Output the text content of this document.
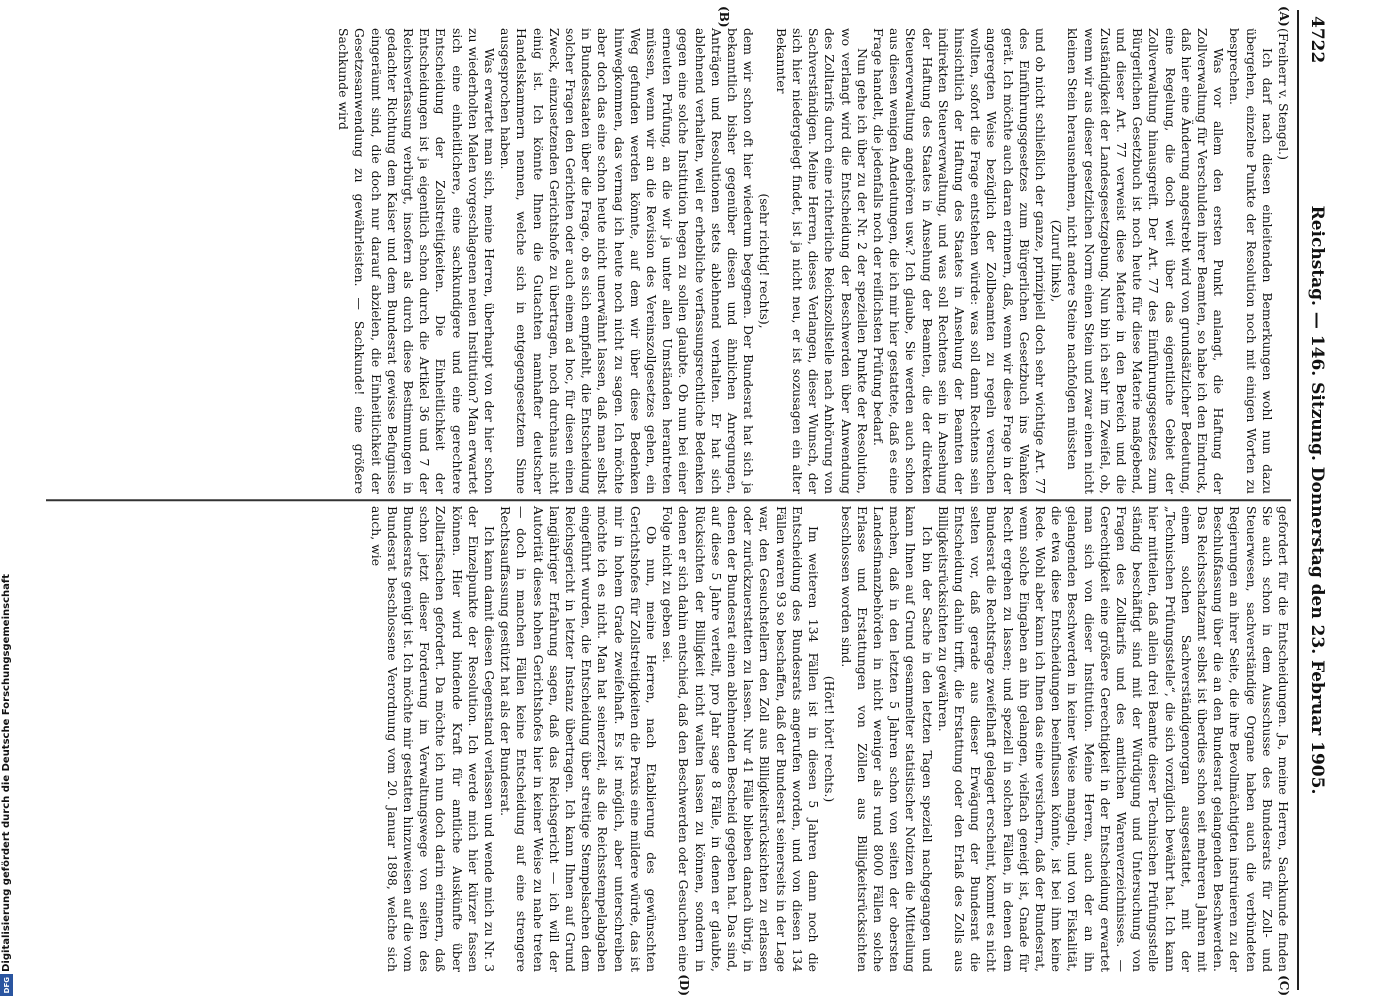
4722
Reichstag. — 146. Sitzung. Donnerstag den 23. Februar 1905.
(A)
(B)
(C)
(D)

(Freiherr v. Stengel.)

Ich darf nach diesen einleitenden Bemerkungen wohl nun dazu übergehen, einzelne Punkte der Resolution noch mit einigen Worten zu besprechen.

Was vor allem den ersten Punkt anlangt, die Haftung der Zollverwaltung für Verschulden ihrer Beamten, so habe ich den Eindruck, daß hier eine Änderung angestrebt wird von grundsätzlicher Bedeutung, eine Regelung, die doch weit über das eigentliche Gebiet der Zollverwaltung hinausgreift. Der Art. 77 des Einführungsgesetzes zum Bürgerlichen Gesetzbuch ist noch heute für diese Materie maßgebend, und dieser Art. 77 verweist diese Materie in den Bereich und die Zuständigkeit der Landesgesetzgebung. Nun bin ich sehr im Zweifel, ob, wenn wir aus dieser gesetzlichen Norm einen Stein und zwar einen nicht kleinen Stein herausnehmen, nicht andere Steine nachfolgen müssten

(Zuruf links),

und ob nicht schließlich der ganze, prinzipiell doch sehr wichtige Art. 77 des Einführungsgesetzes zum Bürgerlichen Gesetzbuch ins Wanken gerät. Ich möchte auch daran erinnern, daß, wenn wir diese Frage in der angeregten Weise bezüglich der Zollbeamten zu regeln versuchen wollten, sofort die Frage entstehen würde: was soll dann Rechtens sein hinsichtlich der Haftung des Staates in Ansehung der Beamten der indirekten Steuerverwaltung, und was soll Rechtens sein in Ansehung der Haftung des Staates in Ansehung der Beamten, die der direkten Steuerverwaltung angehören usw.? Ich glaube, Sie werden auch schon aus diesen wenigen Andeutungen, die ich mir hier gestattete, daß es eine Frage handelt, die jedenfalls noch der reiflichsten Prüfung bedarf.

Nun gehe ich über zu der Nr. 2 der speziellen Punkte der Resolution, wo verlangt wird die Entscheidung der Beschwerden über Anwendung des Zolltarifs durch eine richterliche Reichszollstelle nach Anhörung von Sachverständigen. Meine Herren, dieses Verlangen, dieser Wunsch, der sich hier niedergelegt findet, ist ja nicht neu, er ist sozusagen ein alter Bekannter

(sehr richtig! rechts),

dem wir schon oft hier wiederum begegnen. Der Bundesrat hat sich ja bekanntlich bisher gegenüber diesen und ähnlichen Anregungen, Anträgen und Resolutionen stets ablehnend verhalten. Er hat sich ablehnend verhalten, weil er erhebliche verfassungsrechtliche Bedenken gegen eine solche Institution hegen zu sollen glaubte. Ob nun bei einer erneuten Prüfung, an die wir ja unter allen Umständen herantreten müssen, wenn wir an die Revision des Vereinszollgesetzes gehen, ein Weg gefunden werden könnte, auf dem wir über diese Bedenken hinwegkommen, das vermag ich heute noch nicht zu sagen. Ich möchte aber doch das eine schon heute nicht unerwähnt lassen, daß man selbst in Bundesstaaten über die Frage, ob es sich empfiehlt, die Entscheidung solcher Fragen den Gerichten oder auch einem ad hoc, für diesen einen Zweck, einzusetzenden Gerichtshofe zu übertragen, noch durchaus nicht einig ist. Ich könnte Ihnen die Gutachten namhafter deutscher Handelskammern nennen, welche sich in entgegengesetztem Sinne ausgesprochen haben.

Was erwartet man sich, meine Herren, überhaupt von der hier schon zu wiederholten Malen vorgeschlagenen neuen Institution? Man erwartet sich eine einheitlichere, eine sachkundigere und eine gerechtere Entscheidung der Zollstreitigkeiten. Die Einheitlichkeit der Entscheidungen ist ja eigentlich schon durch die Artikel 36 und 7 der Reichsverfassung verbürgt, insofern als durch diese Bestimmungen in gedachter Richtung dem Kaiser und dem Bundesrat gewisse Befugnisse eingeräumt sind, die doch nur darauf abzielen, die Einheitlichkeit der Gesetzesanwendung zu gewährleisten. — Sachkunde! eine größere Sachkunde wird

gefordert für die Entscheidungen. Ja, meine Herren, Sachkunde finden Sie auch schon in dem Ausschusse des Bundesrats für Zoll- und Steuerwesen, sachverständige Organe haben auch die verbündeten Regierungen an ihrer Seite, die ihre Bevollmächtigten instruieren zu der Beschlußfassung über die an den Bundesrat gelangenden Beschwerden. Das Reichsschatzamt selbst ist überdies schon seit mehreren Jahren mit einem solchen Sachverständigenorgan ausgestattet, mit der „Technischen Prüfungsstelle“, die sich vorzüglich bewährt hat. Ich kann hier mitteilen, daß allein drei Beamte dieser Technischen Prüfungsstelle ständig beschäftigt sind mit der Würdigung und Untersuchung von Fragen des Zolltarifs und des amtlichen Warenverzeichnisses. — Gerechtigkeit eine größere Gerechtigkeit in der Entscheidung erwartet man sich von dieser Institution. Meine Herren, auch der an ihn gelangenden Beschwerden in keiner Weise mangeln, und von Fiskalität, die etwa diese Entscheidungen beeinflussen könnte, ist bei ihm keine Rede. Wohl aber kann ich Ihnen das eine versichern, daß der Bundesrat, wenn solche Eingaben an ihn gelangen, vielfach geneigt ist, Gnade für Recht ergehen zu lassen; und speziell in solchen Fällen, in denen dem Bundesrat die Rechtsfrage zweifelhaft gelagert erscheint, kommt es nicht selten vor, daß gerade aus dieser Erwägung der Bundesrat die Entscheidung dahin trifft, die Erstattung oder den Erlaß des Zolls aus Billigkeitsrücksichten zu gewähren.

Ich bin der Sache in den letzten Tagen speziell nachgegangen und kann Ihnen auf Grund gesammelter statistischer Notizen die Mitteilung machen, daß in den letzten 5 Jahren schon von seiten der obersten Landesfinanzbehörden in nicht weniger als rund 8000 Fällen solche Erlasse und Erstattungen von Zöllen aus Billigkeitsrücksichten beschlossen worden sind.

(Hört! hört! rechts.)

Im weiteren 134 Fällen ist in diesen 5 Jahren dann noch die Entscheidung des Bundesrats angerufen worden, und von diesen 134 Fällen waren 93 so beschaffen, daß der Bundesrat seinerseits in der Lage war, den Gesuchstellern den Zoll aus Billigkeitsrücksichten zu erlassen oder zurückzuerstatten zu lassen. Nur 41 Fälle blieben danach übrig, in denen der Bundesrat einen ablehnenden Bescheid gegeben hat. Das sind, auf diese 5 Jahre verteilt, pro Jahr sage 8 Fälle, in denen er glaubte, Rücksichten der Billigkeit nicht walten lassen zu können, sondern in denen er sich dahin entschied, daß den Beschwerden oder Gesuchen eine Folge nicht zu geben sei.

Ob nun, meine Herren, nach Etablierung des gewünschten Gerichtshofes für Zollstreitigkeiten die Praxis eine mildere würde, das ist mir in hohem Grade zweifelhaft. Es ist möglich, aber unterschreiben möchte ich es nicht. Man hat seinerzeit, als die Reichsstempelabgaben eingeführt wurden, die Entscheidung über streitige Stempelsachen dem Reichsgericht in letzter Instanz übertragen. Ich kann Ihnen auf Grund langjähriger Erfahrung sagen, daß das Reichsgericht — ich will der Autorität dieses hohen Gerichtshofes hier in keiner Weise zu nahe treten — doch in manchen Fällen keine Entscheidung auf eine strengere Rechtsauffassung gestützt hat als der Bundesrat.

Ich kann damit diesen Gegenstand verlassen und wende mich zu Nr. 3 der Einzelpunkte der Resolution. Ich werde mich hier kürzer fassen können. Hier wird bindende Kraft für amtliche Auskünfte über Zolltarifsachen gefordert. Da möchte ich nun doch darin erinnern, daß schon jetzt dieser Forderung im Verwaltungswege von seiten des Bundesrats genügt ist. Ich möchte mir gestatten hinzuweisen auf die vom Bundesrat beschlossene Verordnung vom 20. Januar 1898, welche sich auch, wie

Digitalisierung gefördert durch die Deutsche Forschungsgemeinschaft
DFG
